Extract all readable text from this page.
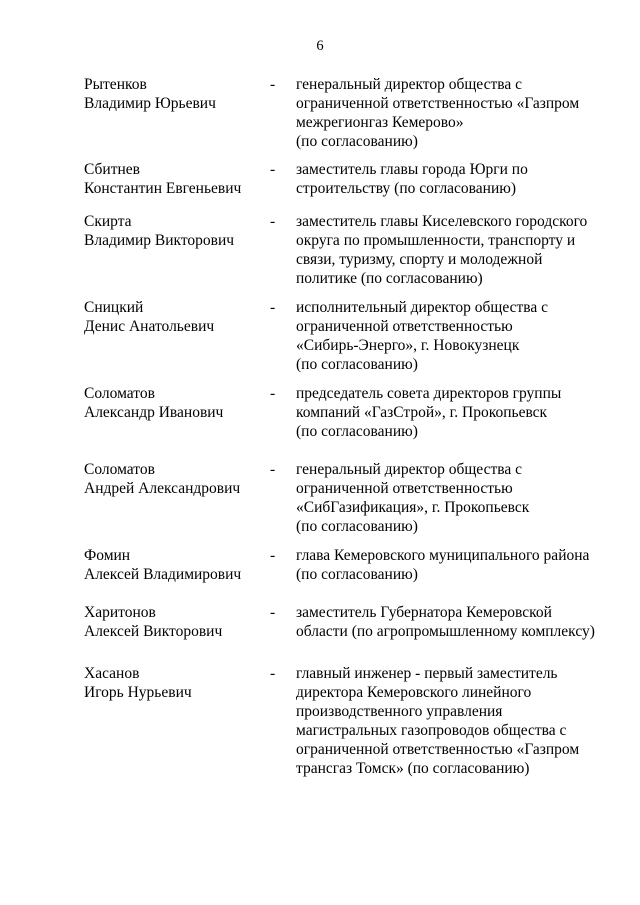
6
Рытенков
Владимир Юрьевич
-	генеральный директор общества с
ограниченной ответственностью «Газпром
межрегионгаз Кемерово»
(по согласованию)
Сбитнев
Константин Евгеньевич
-	заместитель главы города Юрги по
строительству (по согласованию)
Скирта
Владимир Викторович
-	заместитель главы Киселевского городского
округа по промышленности, транспорту и
связи, туризму, спорту и молодежной
политике (по согласованию)
Сницкий
Денис Анатольевич
-	исполнительный директор общества с
ограниченной ответственностью
«Сибирь-Энерго», г. Новокузнецк
(по согласованию)
Соломатов
Александр Иванович
-	председатель совета директоров группы
компаний «ГазСтрой», г. Прокопьевск
(по согласованию)
Соломатов
Андрей Александрович
-	генеральный директор общества с
ограниченной ответственностью
«СибГазификация», г. Прокопьевск
(по согласованию)
Фомин
Алексей Владимирович
-	глава Кемеровского муниципального района
(по согласованию)
Харитонов
Алексей Викторович
-	заместитель Губернатора Кемеровской
области (по агропромышленному комплексу)
Хасанов
Игорь Нурьевич
-	главный инженер - первый заместитель
директора Кемеровского линейного
производственного управления
магистральных газопроводов общества с
ограниченной ответственностью «Газпром
трансгаз Томск» (по согласованию)
